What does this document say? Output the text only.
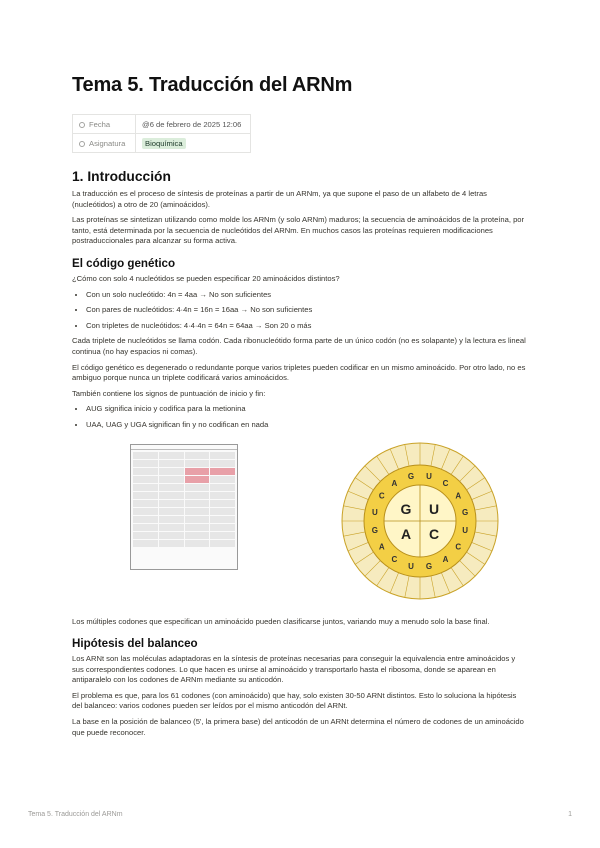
Tema 5. Traducción del ARNm
Fecha	@6 de febrero de 2025 12:06
Asignatura	Bioquímica
1. Introducción

La traducción es el proceso de síntesis de proteínas a partir de un ARNm, ya que supone el paso de un alfabeto de 4 letras (nucleótidos) a otro de 20 (aminoácidos).

Las proteínas se sintetizan utilizando como molde los ARNm (y solo ARNm) maduros; la secuencia de aminoácidos de la proteína, por tanto, está determinada por la secuencia de nucleótidos del ARNm. En muchos casos las proteínas requieren modificaciones postraduccionales para alcanzar su forma activa.

El código genético

¿Cómo con solo 4 nucleótidos se pueden especificar 20 aminoácidos distintos?

• Con un solo nucleótido: 4n = 4aa → No son suficientes
• Con pares de nucleótidos: 4·4n = 16n = 16aa → No son suficientes
• Con tripletes de nucleótidos: 4·4·4n = 64n = 64aa → Son 20 o más

Cada triplete de nucleótidos se llama codón. Cada ribonucleótido forma parte de un único codón (no es solapante) y la lectura es lineal continua (no hay espacios ni comas).

El código genético es degenerado o redundante porque varios tripletes pueden codificar en un mismo aminoácido. Por otro lado, no es ambiguo porque nunca un triplete codificará varios aminoácidos.

También contiene los signos de puntuación de inicio y fin:

• AUG significa inicio y codifica para la metionina
• UAA, UAG y UGA significan fin y no codifican en nada
G U
A C
U
C
A
G
U
C
A
G
U
C
A
G
U
C
A
G

Los múltiples codones que especifican un aminoácido pueden clasificarse juntos, variando muy a menudo solo la base final.

Hipótesis del balanceo

Los ARNt son las moléculas adaptadoras en la síntesis de proteínas necesarias para conseguir la equivalencia entre aminoácidos y sus correspondientes codones. Lo que hacen es unirse al aminoácido y transportarlo hasta el ribosoma, donde se aparean en antiparalelo con los codones de ARNm mediante su anticodón.

El problema es que, para los 61 codones (con aminoácido) que hay, solo existen 30-50 ARNt distintos. Esto lo soluciona la hipótesis del balanceo: varios codones pueden ser leídos por el mismo anticodón del ARNt.

La base en la posición de balanceo (5', la primera base) del anticodón de un ARNt determina el número de codones de un aminoácido que puede reconocer.

Tema 5. Traducción del ARNm	1
